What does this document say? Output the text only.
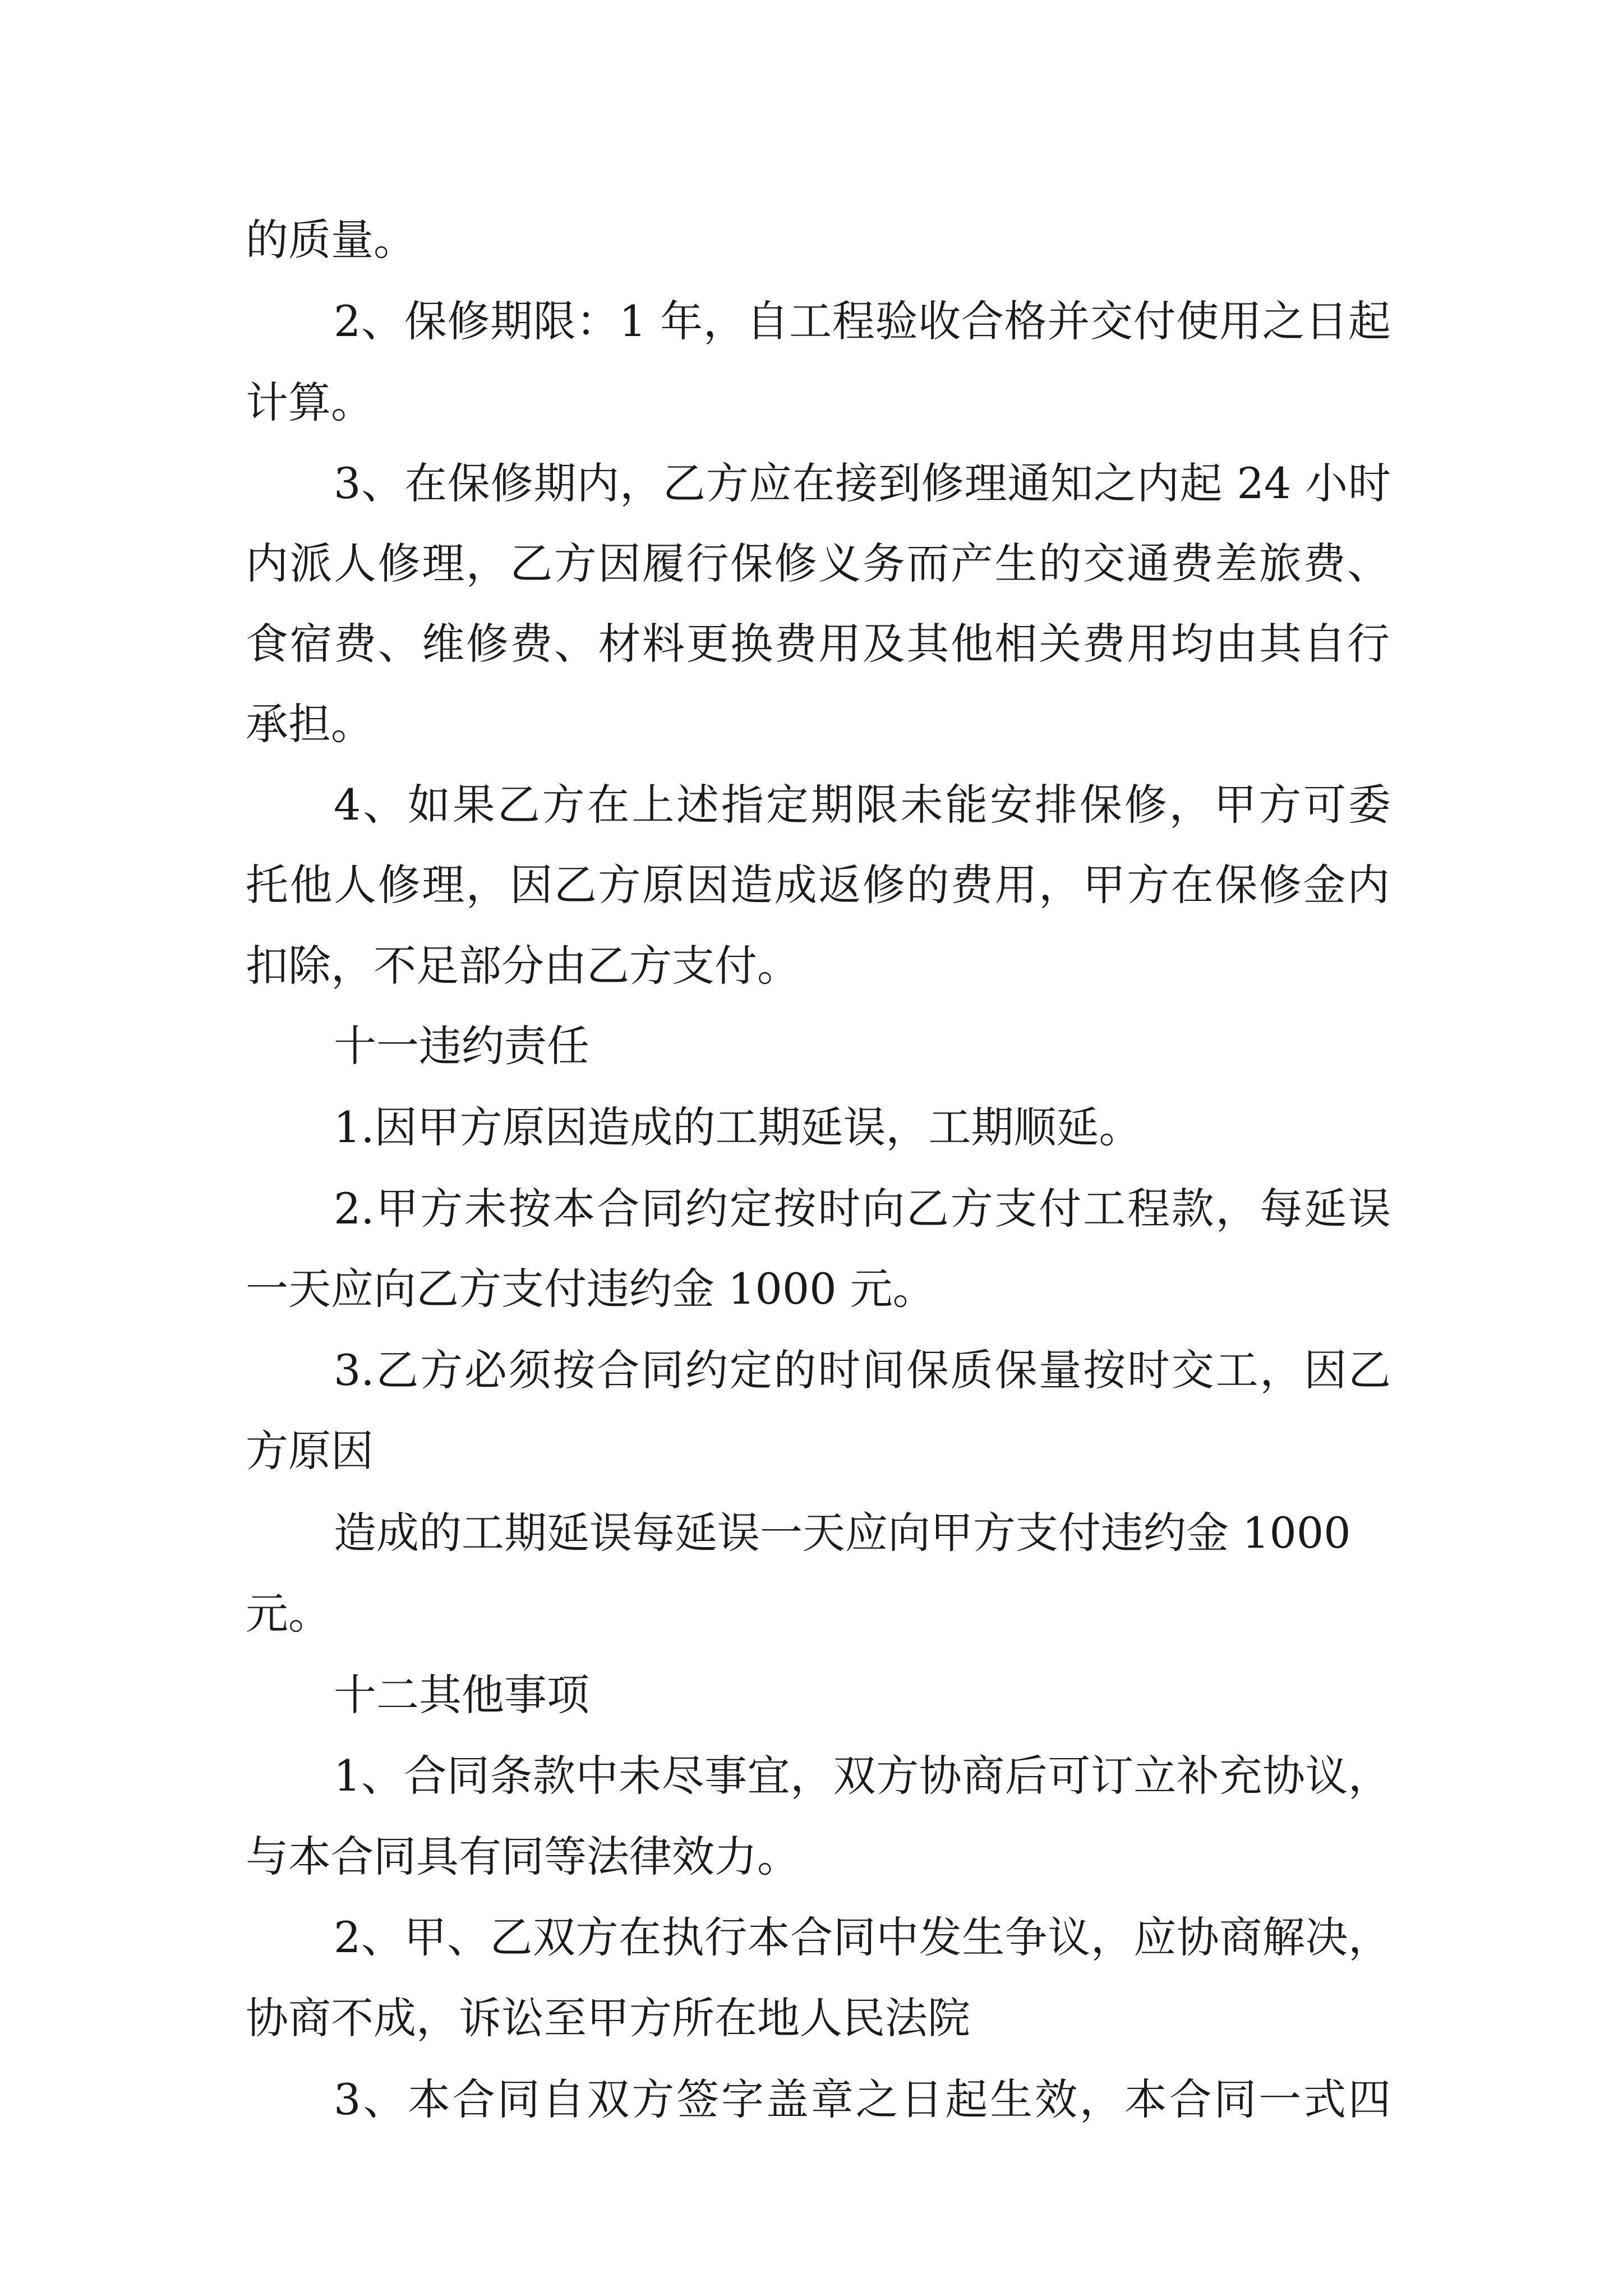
的质量。

2、保修期限：1 年，自工程验收合格并交付使用之日起

计算。

3、在保修期内，乙方应在接到修理通知之内起 24 小时

内派人修理，乙方因履行保修义务而产生的交通费差旅费、

食宿费、维修费、材料更换费用及其他相关费用均由其自行

承担。

4、如果乙方在上述指定期限未能安排保修，甲方可委

托他人修理，因乙方原因造成返修的费用，甲方在保修金内

扣除，不足部分由乙方支付。

十一违约责任

1.因甲方原因造成的工期延误，工期顺延。

2.甲方未按本合同约定按时向乙方支付工程款，每延误

一天应向乙方支付违约金 1000 元。

3.乙方必须按合同约定的时间保质保量按时交工，因乙

方原因

造成的工期延误每延误一天应向甲方支付违约金 1000

元。

十二其他事项

1、合同条款中未尽事宜，双方协商后可订立补充协议，

与本合同具有同等法律效力。

2、甲、乙双方在执行本合同中发生争议，应协商解决，

协商不成，诉讼至甲方所在地人民法院

3、本合同自双方签字盖章之日起生效，本合同一式四
